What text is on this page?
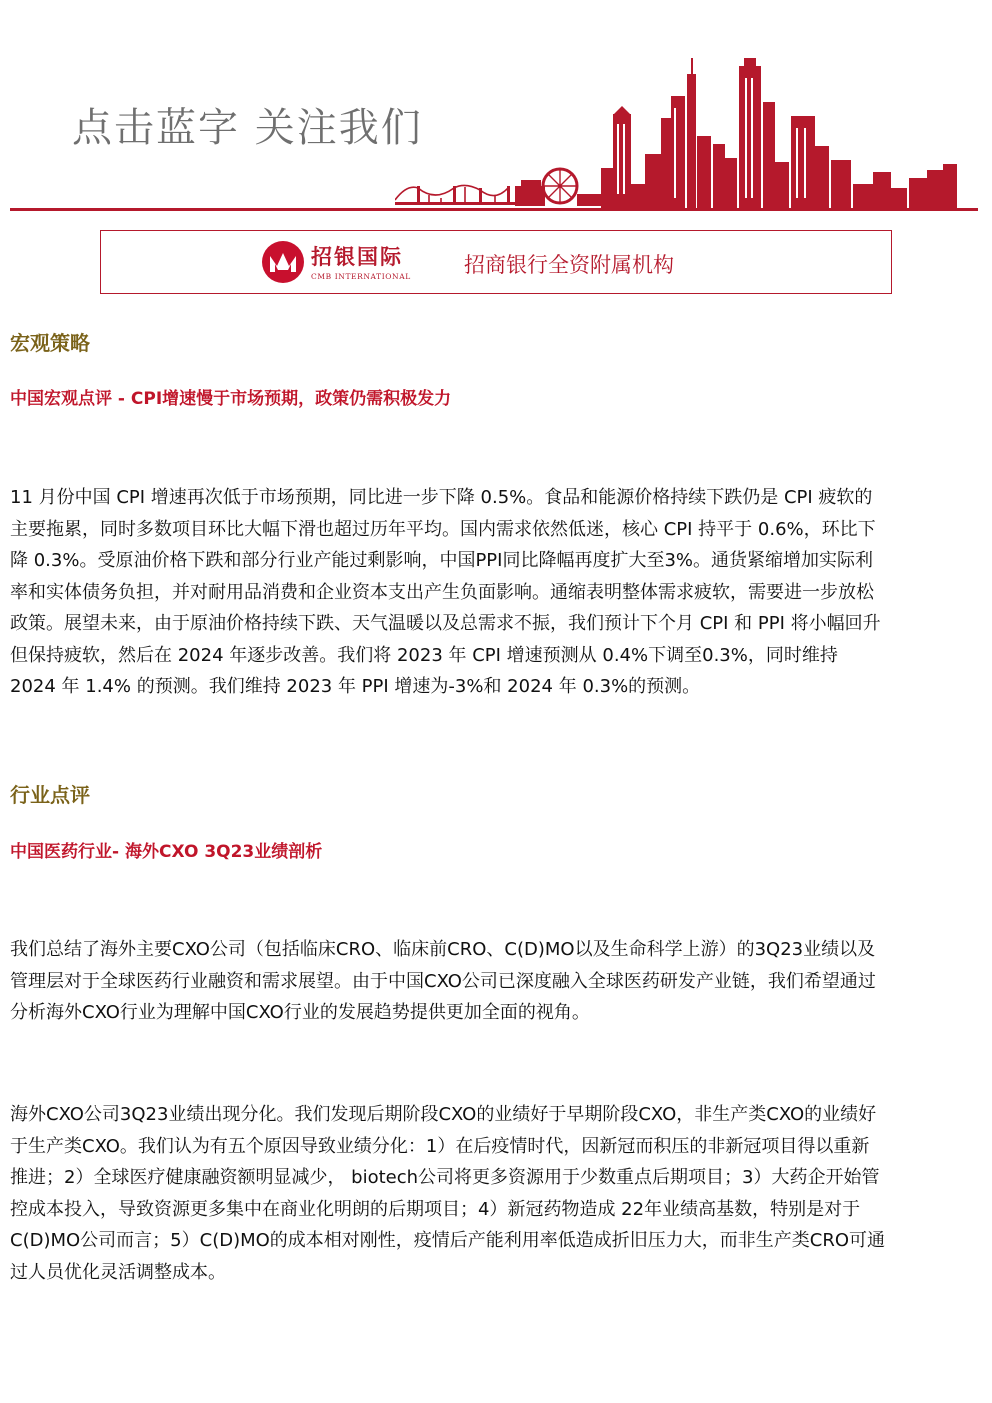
点击蓝字 关注我们
招银国际
CMB INTERNATIONAL	招商银行全资附属机构
宏观策略
中国宏观点评 - CPI增速慢于市场预期，政策仍需积极发力

11 月份中国 CPI 增速再次低于市场预期，同比进一步下降 0.5%。食品和能源价格持续下跌仍是 CPI 疲软的
主要拖累，同时多数项目环比大幅下滑也超过历年平均。国内需求依然低迷，核心 CPI 持平于 0.6%，环比下
降 0.3%。受原油价格下跌和部分行业产能过剩影响，中国PPI同比降幅再度扩大至3%。通货紧缩增加实际利
率和实体债务负担，并对耐用品消费和企业资本支出产生负面影响。通缩表明整体需求疲软，需要进一步放松
政策。展望未来，由于原油价格持续下跌、天气温暖以及总需求不振，我们预计下个月 CPI 和 PPI 将小幅回升
但保持疲软，然后在 2024 年逐步改善。我们将 2023 年 CPI 增速预测从 0.4%下调至0.3%，同时维持
2024 年 1.4% 的预测。我们维持 2023 年 PPI 增速为-3%和 2024 年 0.3%的预测。

行业点评
中国医药行业- 海外CXO 3Q23业绩剖析

我们总结了海外主要CXO公司（包括临床CRO、临床前CRO、C(D)MO以及生命科学上游）的3Q23业绩以及
管理层对于全球医药行业融资和需求展望。由于中国CXO公司已深度融入全球医药研发产业链，我们希望通过
分析海外CXO行业为理解中国CXO行业的发展趋势提供更加全面的视角。

海外CXO公司3Q23业绩出现分化。我们发现后期阶段CXO的业绩好于早期阶段CXO，非生产类CXO的业绩好
于生产类CXO。我们认为有五个原因导致业绩分化：1）在后疫情时代，因新冠而积压的非新冠项目得以重新
推进；2）全球医疗健康融资额明显减少， biotech公司将更多资源用于少数重点后期项目；3）大药企开始管
控成本投入，导致资源更多集中在商业化明朗的后期项目；4）新冠药物造成 22年业绩高基数，特别是对于
C(D)MO公司而言；5）C(D)MO的成本相对刚性，疫情后产能利用率低造成折旧压力大，而非生产类CRO可通
过人员优化灵活调整成本。
